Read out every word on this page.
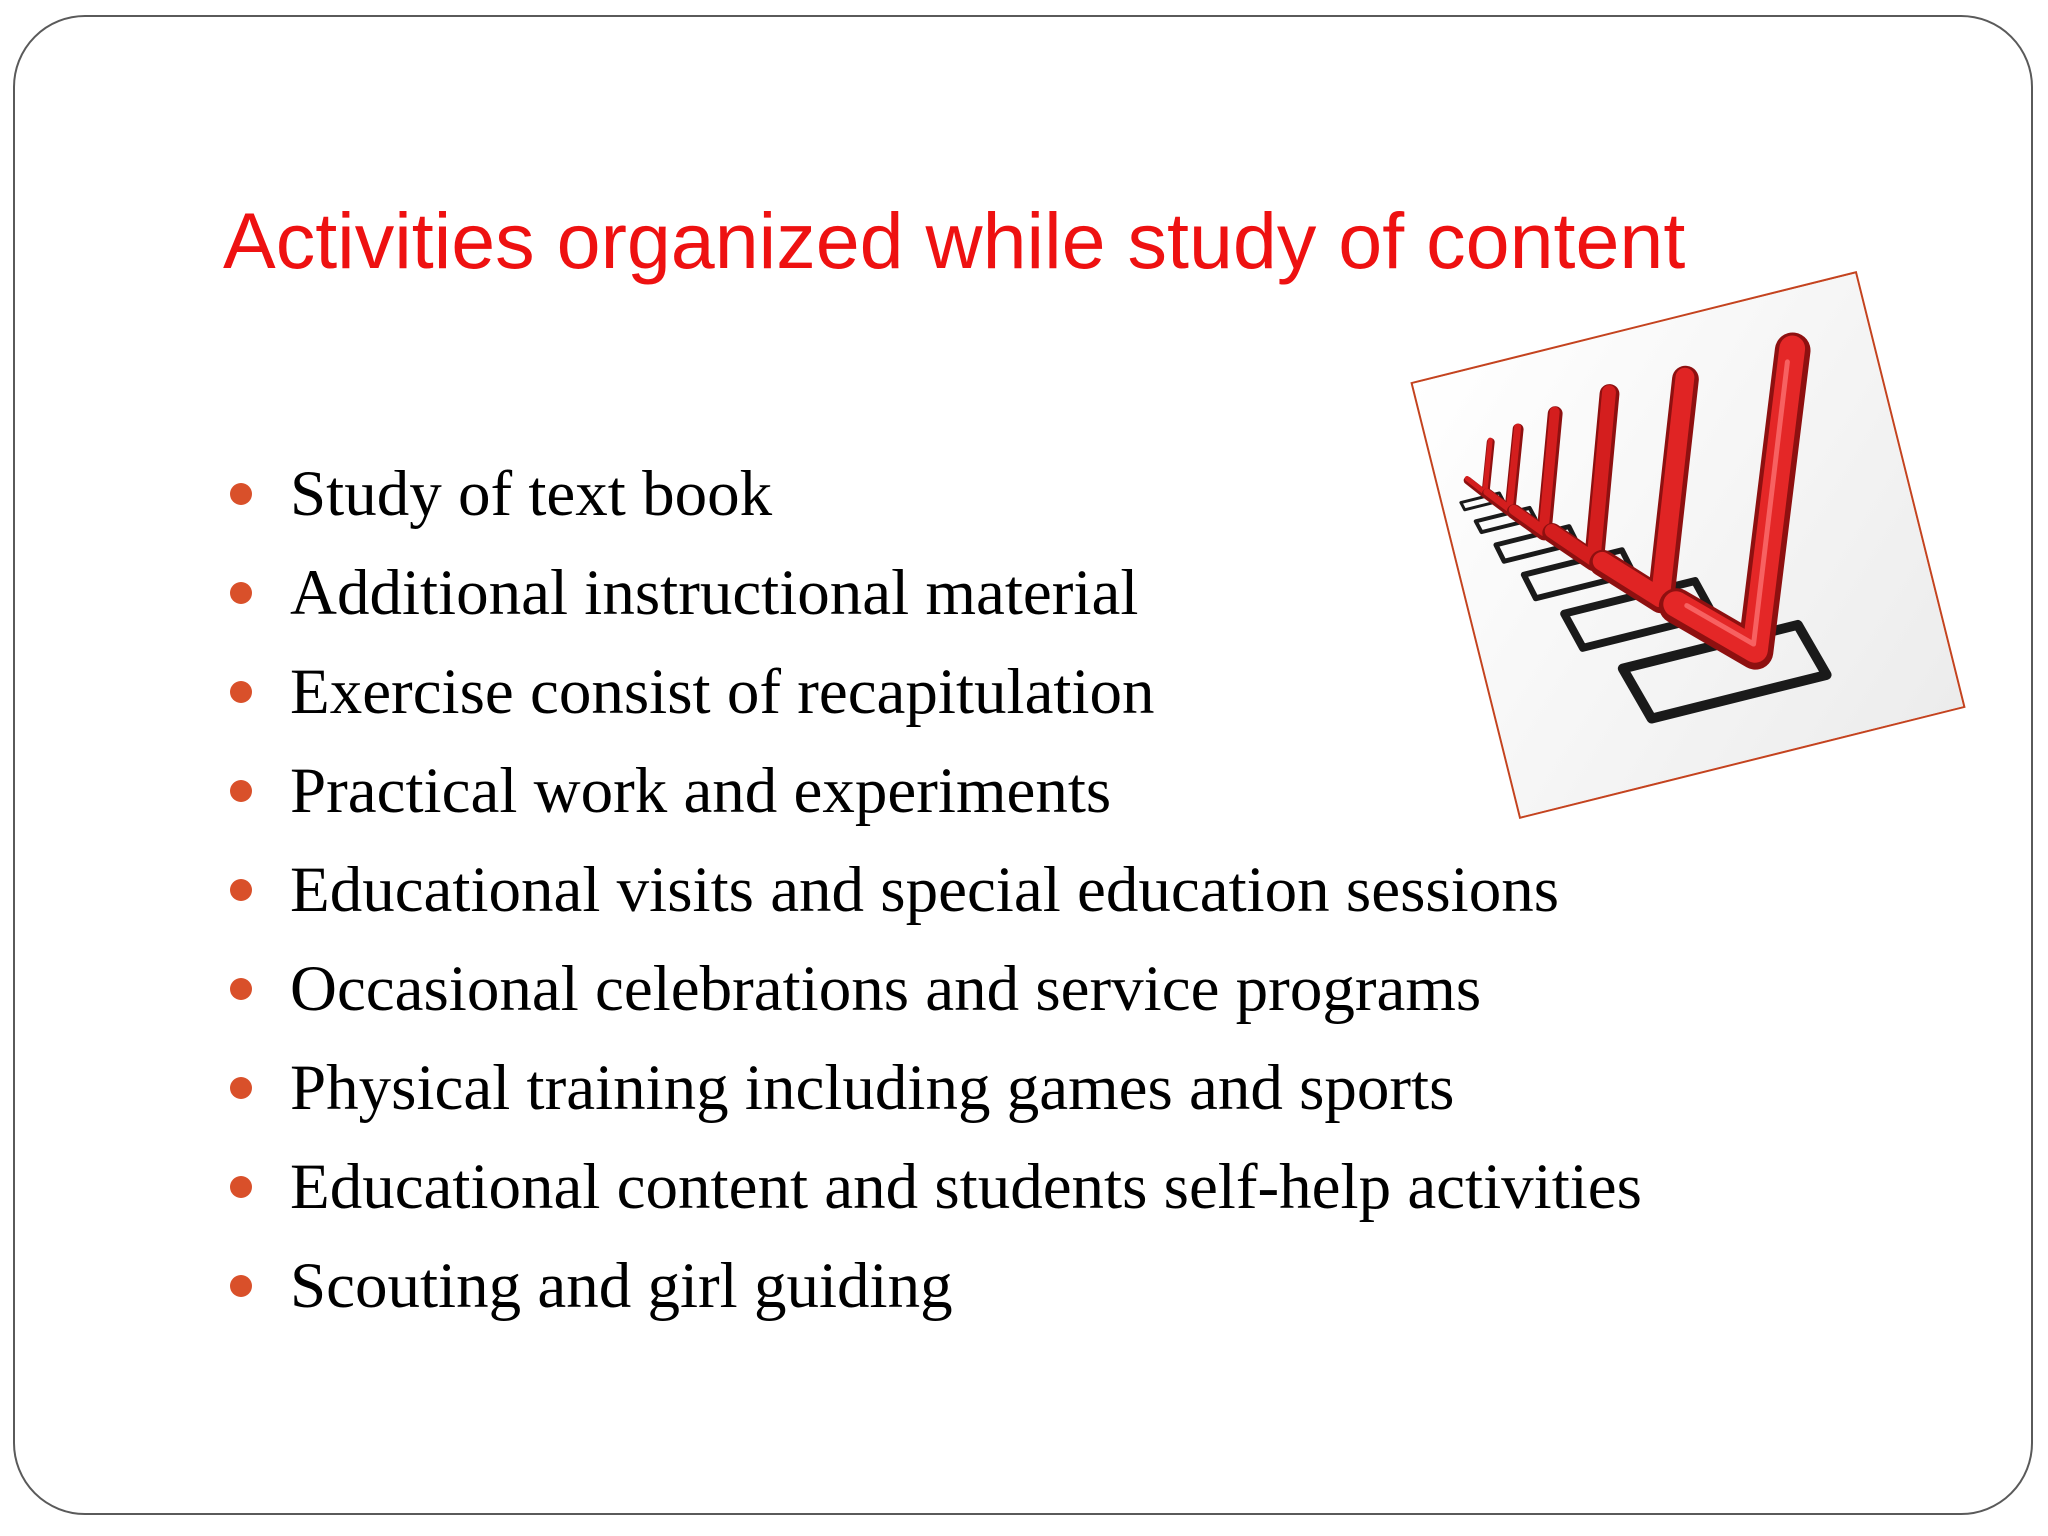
Activities organized while study of content
Study of text book
Additional instructional material
Exercise consist of recapitulation
Practical work and experiments
Educational visits and special education sessions
Occasional celebrations and service programs
Physical training including games and sports
Educational content and students self-help activities
Scouting and girl guiding
